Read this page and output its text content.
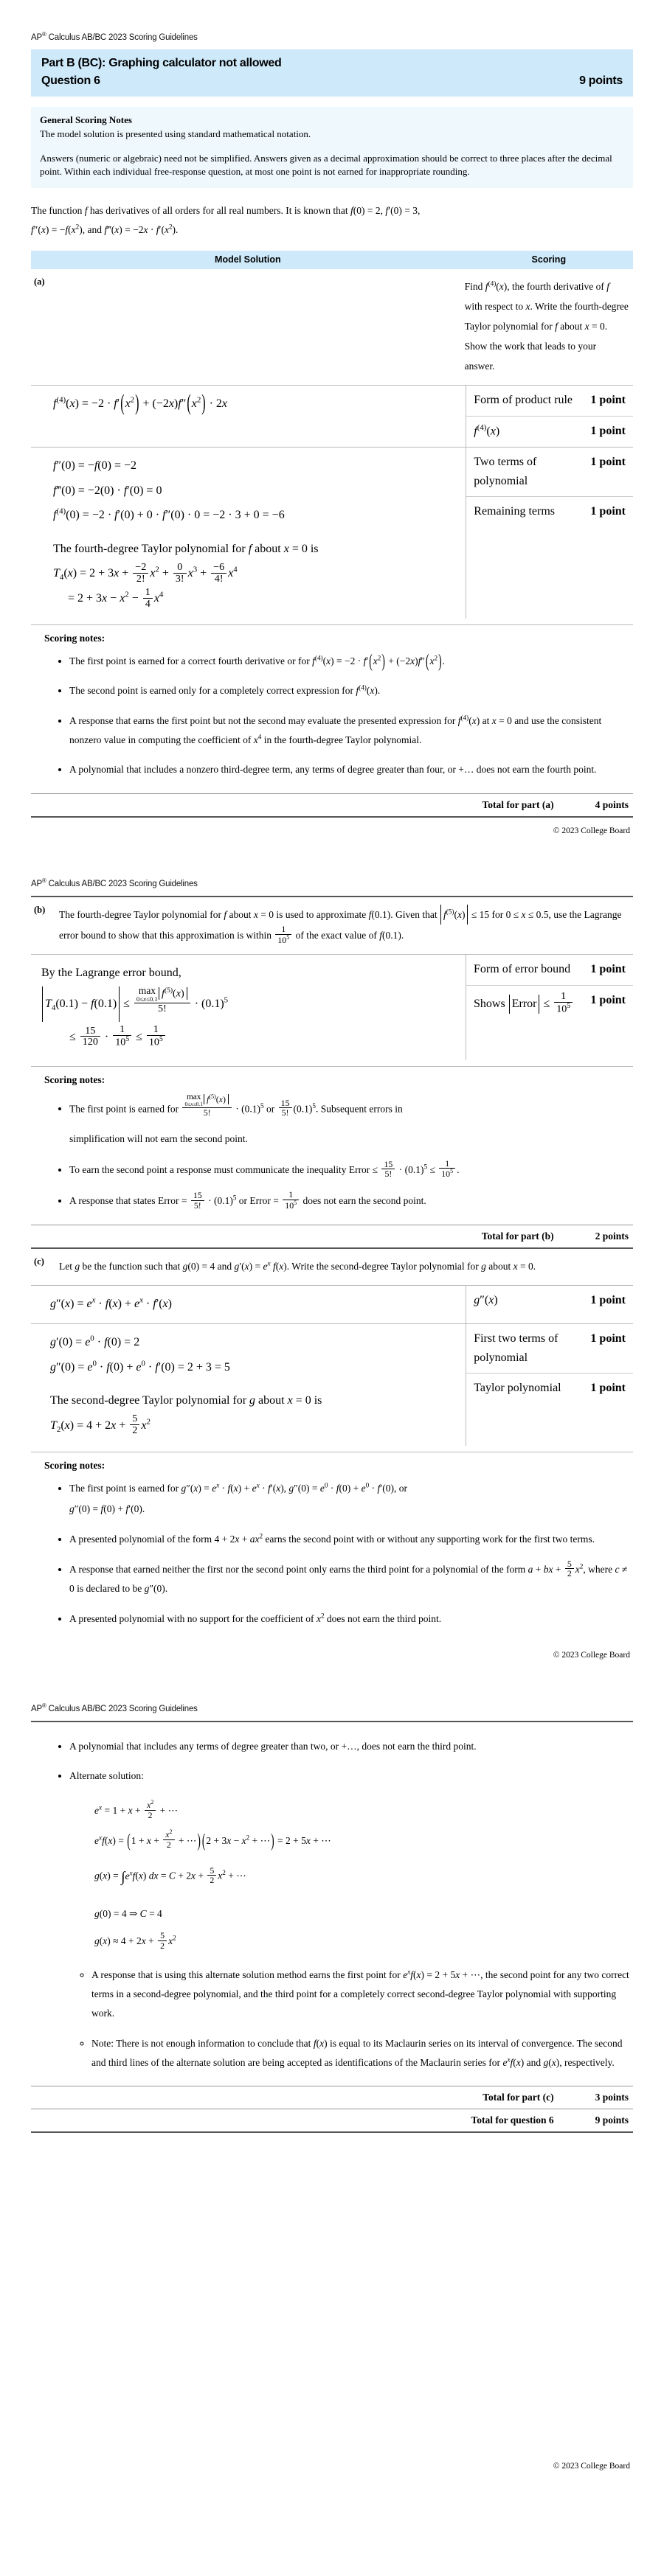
AP® Calculus AB/BC 2023 Scoring Guidelines
Part B (BC): Graphing calculator not allowed
Question 6	9 points
General Scoring Notes

The model solution is presented using standard mathematical notation.

Answers (numeric or algebraic) need not be simplified. Answers given as a decimal approximation should be correct to three places after the decimal point. Within each individual free-response question, at most one point is not earned for inappropriate rounding.

The function f has derivatives of all orders for all real numbers. It is known that f(0) = 2, f′(0) = 3,
$f''(x) = -f(x^2)$, and f‴(x) = $-2x \cdot f'(x^2)$.
Model Solution	Scoring
(a)	Find $f^{(4)}(x)$, the fourth derivative of f with respect to x. Write the fourth-degree Taylor polynomial for f about x = 0. Show the work that leads to your answer.
$f^{(4)}(x) = -2 \cdot f'(x^2) + (-2x)f''(x^2) \cdot 2x$	Form of product rule	1 point
$f^{(4)}(x)$	1 point
f″(0) = −f(0) = −2
f‴(0) = −2(0) · f′(0) = 0
$f^{(4)}(0) = -2 \cdot f'(0) + 0 \cdot f''(0) \cdot 0 = -2 \cdot 3 + 0 = -6$
The fourth-degree Taylor polynomial for f about x = 0 is
$T_4(x) = 2 + 3x + \frac{-2}{2!} x^2 + \frac{0}{3!} x^3 + \frac{-6}{4!} x^4$
= $2 + 3x - x^2 - \frac{1}{4} x^4$
Two terms of polynomial
1 point
Remaining terms	1 point
Scoring notes:
• The first point is earned for a correct fourth derivative or for $f^{(4)}(x) = -2 \cdot f'(x^2) + (-2x)f''(x^2)$.
• The second point is earned only for a completely correct expression for $f^{(4)}(x)$.
• A response that earns the first point but not the second may evaluate the presented expression for $f^{(4)}(x)$ at x = 0 and use the consistent nonzero value in computing the coefficient of $x^4$ in the fourth-degree Taylor polynomial.
• A polynomial that includes a nonzero third-degree term, any terms of degree greater than four, or +… does not earn the fourth point.
Total for part (a)	4 points
© 2023 College Board
AP® Calculus AB/BC 2023 Scoring Guidelines
(b)	The fourth-degree Taylor polynomial for f about x = 0 is used to approximate f(0.1). Given that $f^{(5)}(x) \le 15$ for 0 ≤ x ≤ 0.5, use the Lagrange error bound to show that this approximation is within $\frac{1}{10^5}$ of the exact value of f(0.1).
By the Lagrange error bound,
$T_4(0.1) - f(0.1) \le \max$
0≤x≤0.1 $f^{(5)}(x)$
5! · $(0.1)^5$
≤ $\frac{15}{120} \cdot \frac{1}{10^5} \le \frac{1}{10^5}$
Form of error bound	1 point
Shows Error ≤ $\frac{1}{10^5}$	1 point
Scoring notes:
• The first point is earned for max
0≤x≤0.1 $f^{(5)}(x)$
5! · $(0.1)^5$ or $\frac{15}{5!} (0.1)^5$. Subsequent errors in
simplification will not earn the second point.
• To earn the second point a response must communicate the inequality Error ≤ $\frac{15}{5!} \cdot (0.1)^5 \le \frac{1}{10^5}$ .
• A response that states Error = $\frac{15}{5!} \cdot (0.1)^5$ or Error = $\frac{1}{10^5}$ does not earn the second point.
Total for part (b)	2 points
(c)	Let g be the function such that g(0) = 4 and $g'(x) = e^x$ f(x). Write the second-degree Taylor polynomial for g about x = 0.
$g''(x) = e^x \cdot f(x) + e^x \cdot f'(x)$	g″(x)	1 point
$g'(0) = e^0 \cdot f(0) = 2$
$g''(0) = e^0 \cdot f(0) + e^0 \cdot f'(0) = 2 + 3 = 5$
The second-degree Taylor polynomial for g about x = 0 is
$T_2(x) = 4 + 2x + \frac{5}{2} x^2$
First two terms of polynomial
1 point
Taylor polynomial	1 point
Scoring notes:
• The first point is earned for $g''(x) = e^x \cdot f(x) + e^x \cdot f'(x)$, $g''(0) = e^0 \cdot f(0) + e^0 \cdot f'(0)$, or
g″(0) = f(0) + f′(0).
• A presented polynomial of the form $4 + 2x + ax^2$ earns the second point with or without any supporting work for the first two terms.
• A response that earned neither the first nor the second point only earns the third point for a polynomial of the form a + bx + $\frac{5}{2} x^2$, where c ≠ 0 is declared to be g″(0).
• A presented polynomial with no support for the coefficient of $x^2$ does not earn the third point.
© 2023 College Board
AP® Calculus AB/BC 2023 Scoring Guidelines
• A polynomial that includes any terms of degree greater than two, or +…, does not earn the third point.
• Alternate solution:
$e^x = 1 + x + \frac{x^2}{2}$ + ⋯
$e^xf(x) = (1 + x + \frac{x^2}{2}$ + ⋯) ($2 + 3x - x^2$ + ⋯) = 2 + 5x + ⋯
$g(x) = \int e^xf(x)$ dx = $C + 2x + \frac{5}{2} x^2$ + ⋯
g(0) = 4 ⇒ C = 4
$g(x) \approx 4 + 2x + \frac{5}{2} x^2$
◦ A response that is using this alternate solution method earns the first point for $e^xf(x) = 2 + 5x$ + ⋯, the second point for any two correct terms in a second-degree polynomial, and the third point for a completely correct second-degree Taylor polynomial with supporting work.
◦ Note: There is not enough information to conclude that f(x) is equal to its Maclaurin series on its interval of convergence. The second and third lines of the alternate solution are being accepted as identifications of the Maclaurin series for $e^xf(x)$ and g(x), respectively.
Total for part (c)	3 points
Total for question 6	9 points
© 2023 College Board
